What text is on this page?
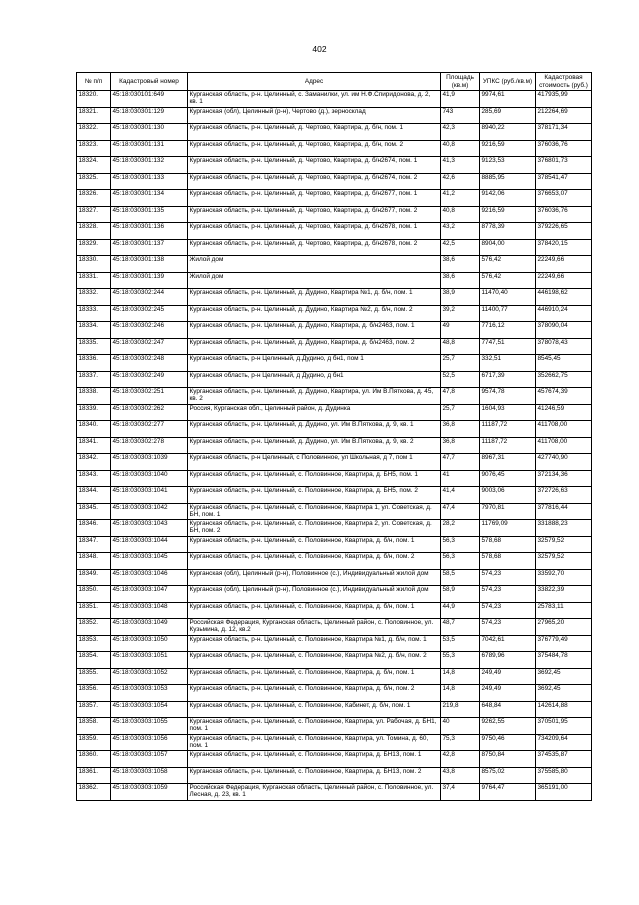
402
№ п/п	Кадастровый номер	Адрес	Площадь (кв.м)	УПКС (руб./кв.м)	Кадастровая стоимость (руб.)
18320.	45:18:030101:649	Курганская область, р-н. Целинный, с. Заманилки, ул. им Н.Ф.Спиридонова, д. 2, кв. 1	41,9	9974,61	417935,99
18321.	45:18:030301:129	Курганская (обл), Целинный (р-н), Чертово (д.), зерносклад	743	285,69	212264,69
18322.	45:18:030301:130	Курганская область, р-н. Целинный, д. Чертово, Квартира, д. б/н, пом. 1	42,3	8940,22	378171,34
18323.	45:18:030301:131	Курганская область, р-н. Целинный, д. Чертово, Квартира, д. б/н, пом. 2	40,8	9216,59	376036,76
18324.	45:18:030301:132	Курганская область, р-н. Целинный, д. Чертово, Квартира, д. б/н2674, пом. 1	41,3	9123,53	376801,73
18325.	45:18:030301:133	Курганская область, р-н. Целинный, д. Чертово, Квартира, д. б/н2674, пом. 2	42,6	8885,95	378541,47
18326.	45:18:030301:134	Курганская область, р-н. Целинный, д. Чертово, Квартира, д. б/н2677, пом. 1	41,2	9142,06	376653,07
18327.	45:18:030301:135	Курганская область, р-н. Целинный, д. Чертово, Квартира, д. б/н2677, пом. 2	40,8	9216,59	376036,76
18328.	45:18:030301:136	Курганская область, р-н. Целинный, д. Чертово, Квартира, д. б/н2678, пом. 1	43,2	8778,39	379226,65
18329.	45:18:030301:137	Курганская область, р-н. Целинный, д. Чертово, Квартира, д. б/н2678, пом. 2	42,5	8904,00	378420,15
18330.	45:18:030301:138	Жилой дом	38,6	576,42	22249,66
18331.	45:18:030301:139	Жилой дом	38,6	576,42	22249,66
18332.	45:18:030302:244	Курганская область, р-н. Целинный, д. Дудино, Квартира №1, д. б/н, пом. 1	38,9	11470,40	446198,62
18333.	45:18:030302:245	Курганская область, р-н. Целинный, д. Дудино, Квартира №2, д. б/н, пом. 2	39,2	11400,77	446910,24
18334.	45:18:030302:246	Курганская область, р-н. Целинный, д. Дудино, Квартира, д. б/н2463, пом. 1	49	7716,12	378090,04
18335.	45:18:030302:247	Курганская область, р-н. Целинный, д. Дудино, Квартира, д. б/н2463, пом. 2	48,8	7747,51	378078,43
18336.	45:18:030302:248	Курганская область, р-н Целинный, д.Дудино, д бн1, пом 1	25,7	332,51	8545,45
18337.	45:18:030302:249	Курганская область, р-н Целинный, д Дудино, д бн1	52,5	6717,39	352662,75
18338.	45:18:030302:251	Курганская область, р-н. Целинный, д. Дудино, Квартира, ул. Им В.Пяткова, д. 45, кв. 2	47,8	9574,78	457674,39
18339.	45:18:030302:262	Россия, Курганская обл., Целинный район, д. Дудинка	25,7	1604,93	41246,59
18340.	45:18:030302:277	Курганская область, р-н. Целинный, д. Дудино, ул. Им В.Пяткова, д. 9, кв. 1	36,8	11187,72	411708,00
18341.	45:18:030302:278	Курганская область, р-н. Целинный, д. Дудино, ул. Им В.Пяткова, д. 9, кв. 2	36,8	11187,72	411708,00
18342.	45:18:030303:1039	Курганская область, р-н Целинный, с Половинное, ул Школьная, д 7, пом 1	47,7	8967,31	427740,90
18343.	45:18:030303:1040	Курганская область, р-н. Целинный, с. Половинное, Квартира, д. БН5, пом. 1	41	9076,45	372134,36
18344.	45:18:030303:1041	Курганская область, р-н. Целинный, с. Половинное, Квартира, д. БН5, пом. 2	41,4	9003,06	372726,63
18345.	45:18:030303:1042	Курганская область, р-н. Целинный, с. Половинное, Квартира 1, ул. Советская, д. БН, пом. 1	47,4	7970,81	377816,44
18346.	45:18:030303:1043	Курганская область, р-н. Целинный, с. Половинное, Квартира 2, ул. Советская, д. БН, пом. 2	28,2	11769,09	331888,23
18347.	45:18:030303:1044	Курганская область, р-н. Целинный, с. Половинное, Квартира, д. б/н, пом. 1	56,3	578,68	32579,52
18348.	45:18:030303:1045	Курганская область, р-н. Целинный, с. Половинное, Квартира, д. б/н, пом. 2	56,3	578,68	32579,52
18349.	45:18:030303:1046	Курганская (обл), Целинный (р-н), Половинное (с.), Индивидуальный жилой дом	58,5	574,23	33592,70
18350.	45:18:030303:1047	Курганская (обл), Целинный (р-н), Половинное (с.), Индивидуальный жилой дом	58,9	574,23	33822,39
18351.	45:18:030303:1048	Курганская область, р-н. Целинный, с. Половинное, Квартира, д. б/н, пом. 1	44,9	574,23	25783,11
18352.	45:18:030303:1049	Российская Федерация, Курганская область, Целинный район, с. Половинное, ул. Кузьмина, д. 12, кв.2	48,7	574,23	27965,20
18353.	45:18:030303:1050	Курганская область, р-н. Целинный, с. Половинное, Квартира №1, д. б/н, пом. 1	53,5	7042,61	376779,49
18354.	45:18:030303:1051	Курганская область, р-н. Целинный, с. Половинное, Квартира №2, д. б/н, пом. 2	55,3	6789,96	375484,78
18355.	45:18:030303:1052	Курганская область, р-н. Целинный, с. Половинное, Квартира, д. б/н, пом. 1	14,8	249,49	3692,45
18356.	45:18:030303:1053	Курганская область, р-н. Целинный, с. Половинное, Квартира, д. б/н, пом. 2	14,8	249,49	3692,45
18357.	45:18:030303:1054	Курганская область, р-н. Целинный, с. Половинное, Кабинет, д. б/н, пом. 1	219,8	648,84	142614,88
18358.	45:18:030303:1055	Курганская область, р-н. Целинный, с. Половинное, Квартира, ул. Рабочая, д. БН1, пом. 1	40	9262,55	370501,95
18359.	45:18:030303:1056	Курганская область, р-н. Целинный, с. Половинное, Квартира, ул. Томина, д. 60, пом. 1	75,3	9750,46	734209,64
18360.	45:18:030303:1057	Курганская область, р-н. Целинный, с. Половинное, Квартира, д. БН13, пом. 1	42,8	8750,84	374535,87
18361.	45:18:030303:1058	Курганская область, р-н. Целинный, с. Половинное, Квартира, д. БН13, пом. 2	43,8	8575,02	375585,80
18362.	45:18:030303:1059	Российская Федерация, Курганская область, Целинный район, с. Половинное, ул. Лесная, д. 23, кв. 1	37,4	9764,47	365191,00
